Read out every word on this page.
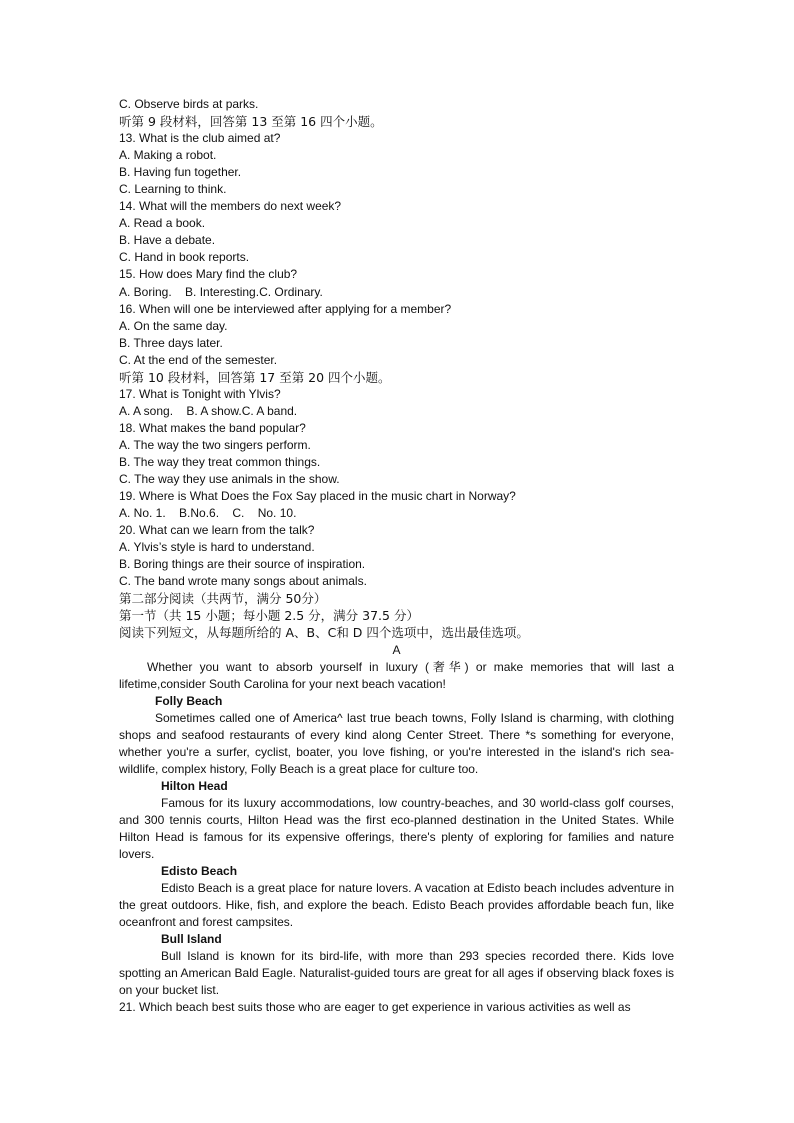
C. Observe birds at parks.
听第 9 段材料，回答第 13 至第 16 四个小题。
13. What is the club aimed at?
A. Making a robot.
B. Having fun together.
C. Learning to think.
14. What will the members do next week?
A. Read a book.
B. Have a debate.
C. Hand in book reports.
15. How does Mary find the club?
A. Boring.    B. Interesting.C. Ordinary.
16. When will one be interviewed after applying for a member?
A. On the same day.
B. Three days later.
C. At the end of the semester.
听第 10 段材料，回答第 17 至第 20 四个小题。
17. What is Tonight with Ylvis?
A. A song.    B. A show.C. A band.
18. What makes the band popular?
A. The way the two singers perform.
B. The way they treat common things.
C. The way they use animals in the show.
19. Where is What Does the Fox Say placed in the music chart in Norway?
A. No. 1.    B.No.6.    C.    No. 10.
20. What can we learn from the talk?
A. Ylvis’s style is hard to understand.
B. Boring things are their source of inspiration.
C. The band wrote many songs about animals.
第二部分阅读（共两节，满分 50分）
第一节（共 15 小题；每小题 2.5 分，满分 37.5 分）
阅读下列短文，从每题所给的 A、B、C和 D 四个选项中，选出最佳选项。
A
Whether you want to absorb yourself in luxury (奢华) or make memories that will last a lifetime,consider South Carolina for your next beach vacation!
Folly Beach
Sometimes called one of America^ last true beach towns, Folly Island is charming, with clothing shops and seafood restaurants of every kind along Center Street. There *s something for everyone, whether you're a surfer, cyclist, boater, you love fishing, or you're interested in the island's rich sea-wildlife, complex history, Folly Beach is a great place for culture too.
Hilton Head
Famous for its luxury accommodations, low country-beaches, and 30 world-class golf courses, and 300 tennis courts, Hilton Head was the first eco-planned destination in the United States. While Hilton Head is famous for its expensive offerings, there's plenty of exploring for families and nature lovers.
Edisto Beach
Edisto Beach is a great place for nature lovers. A vacation at Edisto beach includes adventure in the great outdoors. Hike, fish, and explore the beach. Edisto Beach provides affordable beach fun, like oceanfront and forest campsites.
Bull Island
Bull Island is known for its bird-life, with more than 293 species recorded there. Kids love spotting an American Bald Eagle. Naturalist-guided tours are great for all ages if observing black foxes is on your bucket list.
21. Which beach best suits those who are eager to get experience in various activities as well as
